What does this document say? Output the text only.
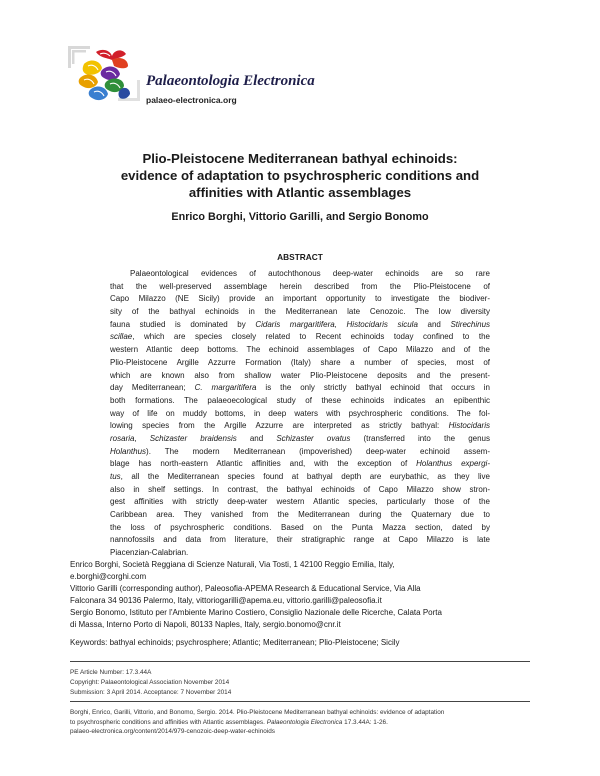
Palaeontologia Electronica
palaeo-electronica.org
Plio-Pleistocene Mediterranean bathyal echinoids:
evidence of adaptation to psychrospheric conditions and
affinities with Atlantic assemblages
Enrico Borghi, Vittorio Garilli, and Sergio Bonomo
ABSTRACT
Palaeontological evidences of autochthonous deep-water echinoids are so rare
that the well-preserved assemblage herein described from the Plio-Pleistocene of
Capo Milazzo (NE Sicily) provide an important opportunity to investigate the biodiver-
sity of the bathyal echinoids in the Mediterranean late Cenozoic. The low diversity
fauna studied is dominated by Cidaris margaritifera, Histocidaris sicula and Stirechinus
scillae, which are species closely related to Recent echinoids today confined to the
western Atlantic deep bottoms. The echinoid assemblages of Capo Milazzo and of the
Plio-Pleistocene Argille Azzurre Formation (Italy) share a number of species, most of
which are known also from shallow water Plio-Pleistocene deposits and the present-
day Mediterranean; C. margaritifera is the only strictly bathyal echinoid that occurs in
both formations. The palaeoecological study of these echinoids indicates an epibenthic
way of life on muddy bottoms, in deep waters with psychrospheric conditions. The fol-
lowing species from the Argille Azzurre are interpreted as strictly bathyal: Histocidaris
rosaria, Schizaster braidensis and Schizaster ovatus (transferred into the genus
Holanthus). The modern Mediterranean (impoverished) deep-water echinoid assem-
blage has north-eastern Atlantic affinities and, with the exception of Holanthus expergi-
tus, all the Mediterranean species found at bathyal depth are eurybathic, as they live
also in shelf settings. In contrast, the bathyal echinoids of Capo Milazzo show stron-
gest affinities with strictly deep-water western Atlantic species, particularly those of the
Caribbean area. They vanished from the Mediterranean during the Quaternary due to
the loss of psychrospheric conditions. Based on the Punta Mazza section, dated by
nannofossils and data from literature, their stratigraphic range at Capo Milazzo is late
Piacenzian-Calabrian.
Enrico Borghi, Società Reggiana di Scienze Naturali, Via Tosti, 1 42100 Reggio Emilia, Italy,
e.borghi@corghi.com
Vittorio Garilli (corresponding author), Paleosofia-APEMA Research & Educational Service, Via Alla
Falconara 34 90136 Palermo, Italy, vittoriogarilli@apema.eu, vittorio.garilli@paleosofia.it
Sergio Bonomo, Istituto per l'Ambiente Marino Costiero, Consiglio Nazionale delle Ricerche, Calata Porta
di Massa, Interno Porto di Napoli, 80133 Naples, Italy, sergio.bonomo@cnr.it
Keywords: bathyal echinoids; psychrosphere; Atlantic; Mediterranean; Plio-Pleistocene; Sicily
PE Article Number: 17.3.44A
Copyright: Palaeontological Association November 2014
Submission: 3 April 2014. Acceptance: 7 November 2014
Borghi, Enrico, Garilli, Vittorio, and Bonomo, Sergio. 2014. Plio-Pleistocene Mediterranean bathyal echinoids: evidence of adaptation
to psychrospheric conditions and affinities with Atlantic assemblages. Palaeontologia Electronica 17.3.44A: 1-26.
palaeo-electronica.org/content/2014/979-cenozoic-deep-water-echinoids
